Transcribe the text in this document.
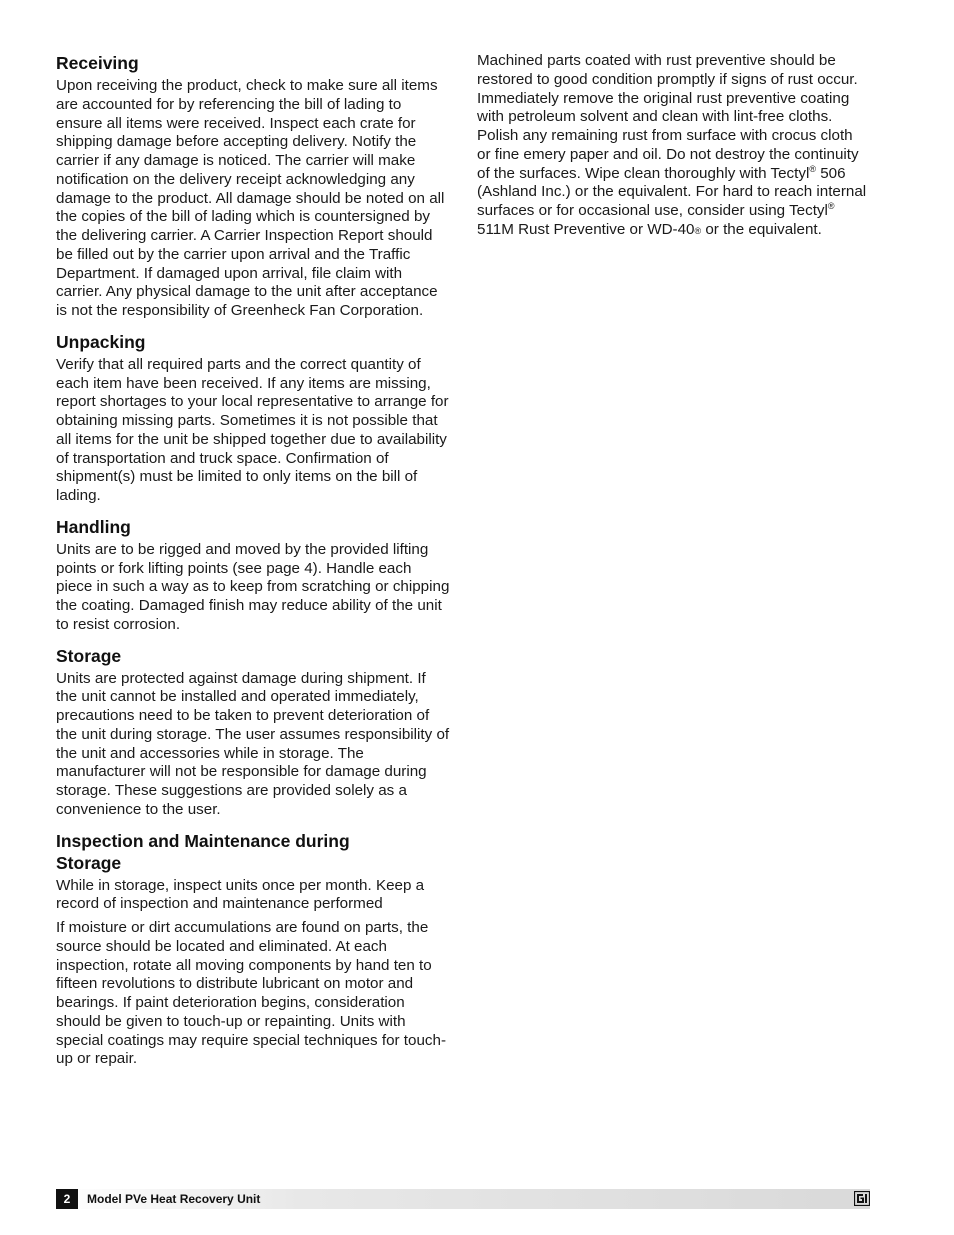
Receiving

Upon receiving the product, check to make sure all items are accounted for by referencing the bill of lading to ensure all items were received. Inspect each crate for shipping damage before accepting delivery. Notify the carrier if any damage is noticed. The carrier will make notification on the delivery receipt acknowledging any damage to the product. All damage should be noted on all the copies of the bill of lading which is countersigned by the delivering carrier. A Carrier Inspection Report should be filled out by the carrier upon arrival and the Traffic Department. If damaged upon arrival, file claim with carrier. Any physical damage to the unit after acceptance is not the responsibility of Greenheck Fan Corporation.

Unpacking

Verify that all required parts and the correct quantity of each item have been received. If any items are missing, report shortages to your local representative to arrange for obtaining missing parts. Sometimes it is not possible that all items for the unit be shipped together due to availability of transportation and truck space. Confirmation of shipment(s) must be limited to only items on the bill of lading.

Handling

Units are to be rigged and moved by the provided lifting points or fork lifting points (see page 4). Handle each piece in such a way as to keep from scratching or chipping the coating. Damaged finish may reduce ability of the unit to resist corrosion.

Storage

Units are protected against damage during shipment. If the unit cannot be installed and operated immediately, precautions need to be taken to prevent deterioration of the unit during storage. The user assumes responsibility of the unit and accessories while in storage. The manufacturer will not be responsible for damage during storage. These suggestions are provided solely as a convenience to the user.

Inspection and Maintenance during
Storage

While in storage, inspect units once per month. Keep a record of inspection and maintenance performed

If moisture or dirt accumulations are found on parts, the source should be located and eliminated. At each inspection, rotate all moving components by hand ten to fifteen revolutions to distribute lubricant on motor and bearings. If paint deterioration begins, consideration should be given to touch-up or repainting. Units with special coatings may require special techniques for touch-up or repair.

Machined parts coated with rust preventive should be restored to good condition promptly if signs of rust occur. Immediately remove the original rust preventive coating with petroleum solvent and clean with lint-free cloths. Polish any remaining rust from surface with crocus cloth or fine emery paper and oil. Do not destroy the continuity of the surfaces. Wipe clean thoroughly with Tectyl® 506 (Ashland Inc.) or the equivalent. For hard to reach internal surfaces or for occasional use, consider using Tectyl® 511M Rust Preventive or WD-40® or the equivalent.

2	Model PVe Heat Recovery Unit
